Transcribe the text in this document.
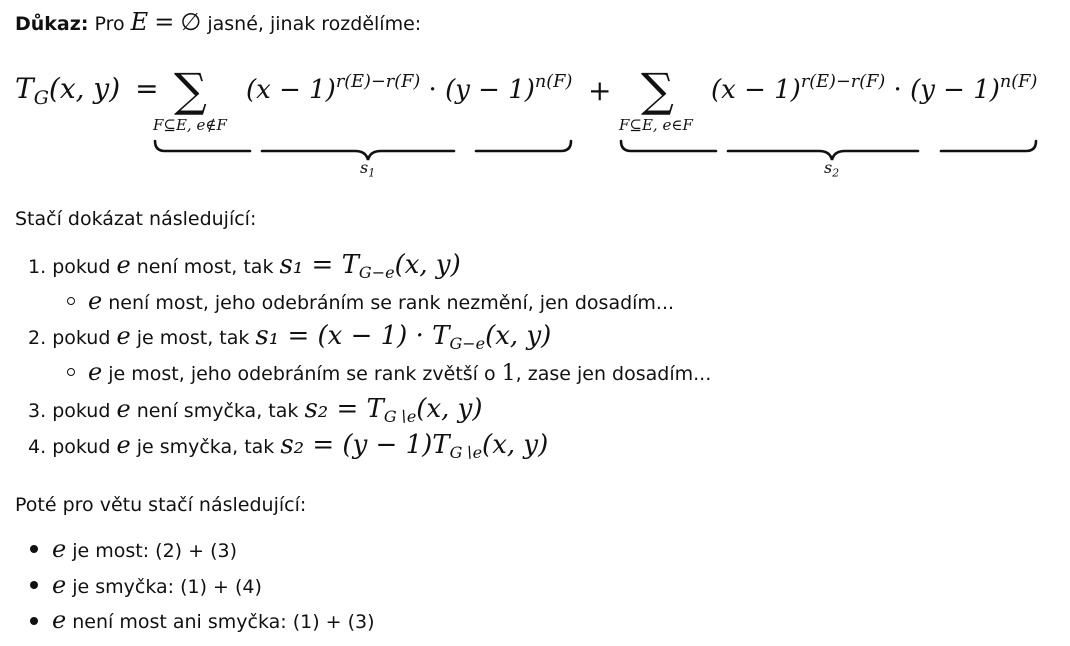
Důkaz: Pro E = ∅ jasné, jinak rozdělíme:
$T_G(x$, y) = ∑
F⊆E, e∉F
$(x - 1)^{r(E)-r(F)} \cdot (y - 1)^{n(F)}$ + ∑
F⊆E, e∈F
$(x - 1)^{r(E)-r(F)} \cdot (y - 1)^{n(F)}$
$s_1$	$s_2$
Stačí dokázat následující:
1. pokud e není most, tak $s_1 = T_{G-e}(x$, y)
e není most, jeho odebráním se rank nezmění, jen dosadím...
2. pokud e je most, tak $s_1 = (x - 1) \cdot T_{G-e}(x$, y)
e je most, jeho odebráním se rank zvětší o 1, zase jen dosadím...
3. pokud e není smyčka, tak $s_2 = T_{G∖e}(x$, y)
4. pokud e je smyčka, tak $s_2 = (y - 1)T_{G∖e}(x$, y)
Poté pro větu stačí následující:
e je most: (2) + (3)
e je smyčka: (1) + (4)
e není most ani smyčka: (1) + (3)
